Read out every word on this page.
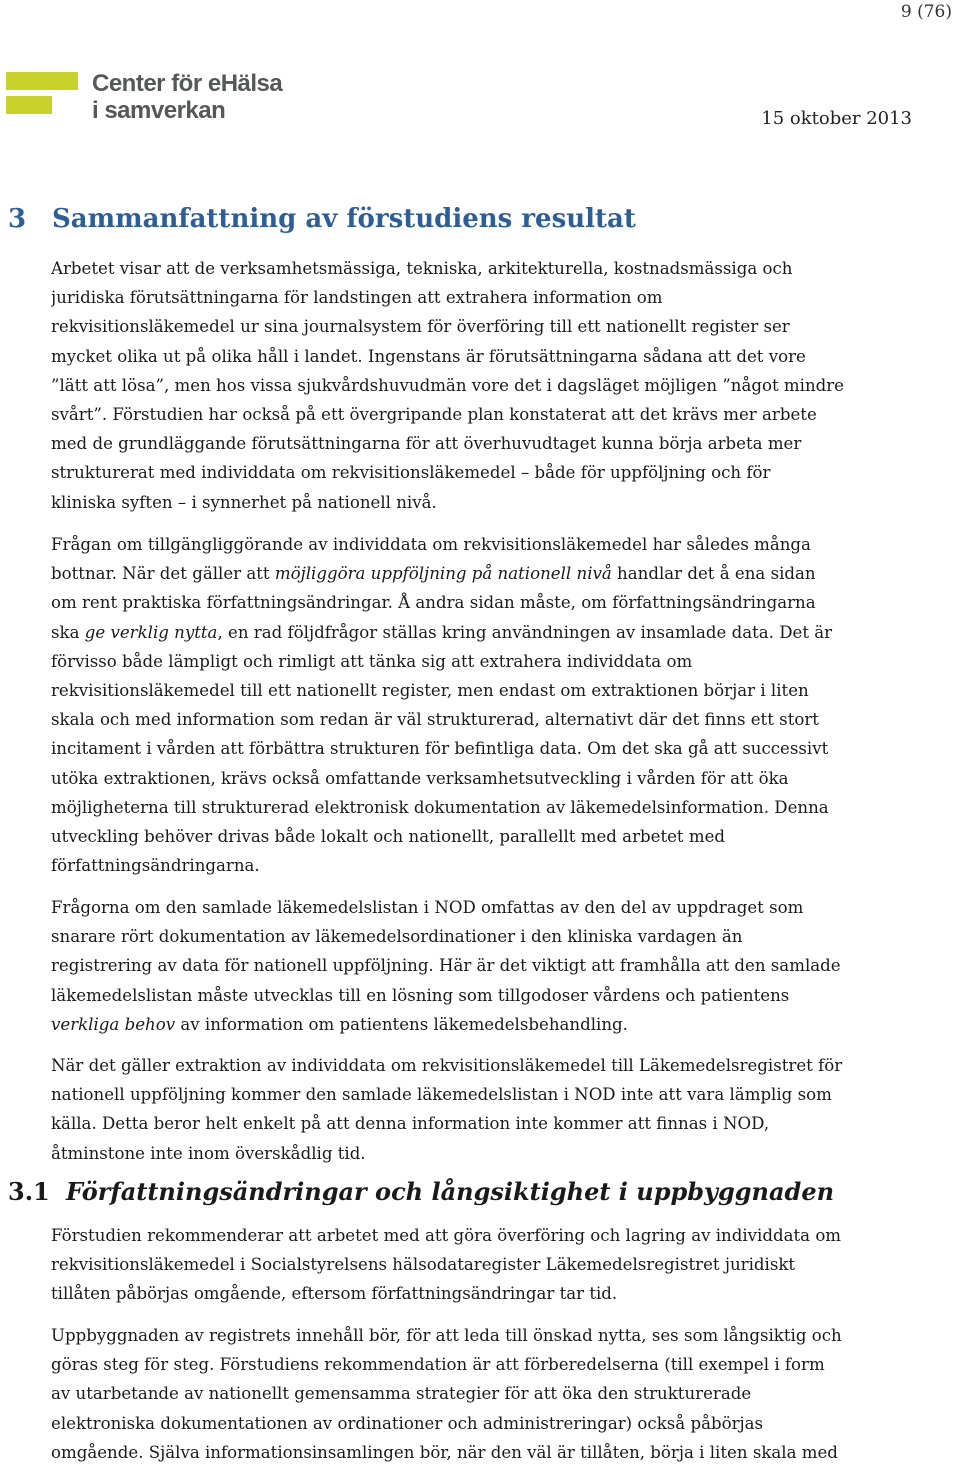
9 (76)
Center för eHälsa
i samverkan	15 oktober 2013
3 Sammanfattning av förstudiens resultat
Arbetet visar att de verksamhetsmässiga, tekniska, arkitekturella, kostnadsmässiga och
juridiska förutsättningarna för landstingen att extrahera information om
rekvisitionsläkemedel ur sina journalsystem för överföring till ett nationellt register ser
mycket olika ut på olika håll i landet. Ingenstans är förutsättningarna sådana att det vore
”lätt att lösa”, men hos vissa sjukvårdshuvudmän vore det i dagsläget möjligen ”något mindre
svårt”. Förstudien har också på ett övergripande plan konstaterat att det krävs mer arbete
med de grundläggande förutsättningarna för att överhuvudtaget kunna börja arbeta mer
strukturerat med individdata om rekvisitionsläkemedel – både för uppföljning och för
kliniska syften – i synnerhet på nationell nivå.
Frågan om tillgängliggörande av individdata om rekvisitionsläkemedel har således många
bottnar. När det gäller att möjliggöra uppföljning på nationell nivå handlar det å ena sidan
om rent praktiska författningsändringar. Å andra sidan måste, om författningsändringarna
ska ge verklig nytta, en rad följdfrågor ställas kring användningen av insamlade data. Det är
förvisso både lämpligt och rimligt att tänka sig att extrahera individdata om
rekvisitionsläkemedel till ett nationellt register, men endast om extraktionen börjar i liten
skala och med information som redan är väl strukturerad, alternativt där det finns ett stort
incitament i vården att förbättra strukturen för befintliga data. Om det ska gå att successivt
utöka extraktionen, krävs också omfattande verksamhetsutveckling i vården för att öka
möjligheterna till strukturerad elektronisk dokumentation av läkemedelsinformation. Denna
utveckling behöver drivas både lokalt och nationellt, parallellt med arbetet med
författningsändringarna.
Frågorna om den samlade läkemedelslistan i NOD omfattas av den del av uppdraget som
snarare rört dokumentation av läkemedelsordinationer i den kliniska vardagen än
registrering av data för nationell uppföljning. Här är det viktigt att framhålla att den samlade
läkemedelslistan måste utvecklas till en lösning som tillgodoser vårdens och patientens
verkliga behov av information om patientens läkemedelsbehandling.
När det gäller extraktion av individdata om rekvisitionsläkemedel till Läkemedelsregistret för
nationell uppföljning kommer den samlade läkemedelslistan i NOD inte att vara lämplig som
källa. Detta beror helt enkelt på att denna information inte kommer att finnas i NOD,
åtminstone inte inom överskådlig tid.
3.1 Författningsändringar och långsiktighet i uppbyggnaden
Förstudien rekommenderar att arbetet med att göra överföring och lagring av individdata om
rekvisitionsläkemedel i Socialstyrelsens hälsodataregister Läkemedelsregistret juridiskt
tillåten påbörjas omgående, eftersom författningsändringar tar tid.
Uppbyggnaden av registrets innehåll bör, för att leda till önskad nytta, ses som långsiktig och
göras steg för steg. Förstudiens rekommendation är att förberedelserna (till exempel i form
av utarbetande av nationellt gemensamma strategier för att öka den strukturerade
elektroniska dokumentationen av ordinationer och administreringar) också påbörjas
omgående. Själva informationsinsamlingen bör, när den väl är tillåten, börja i liten skala med
